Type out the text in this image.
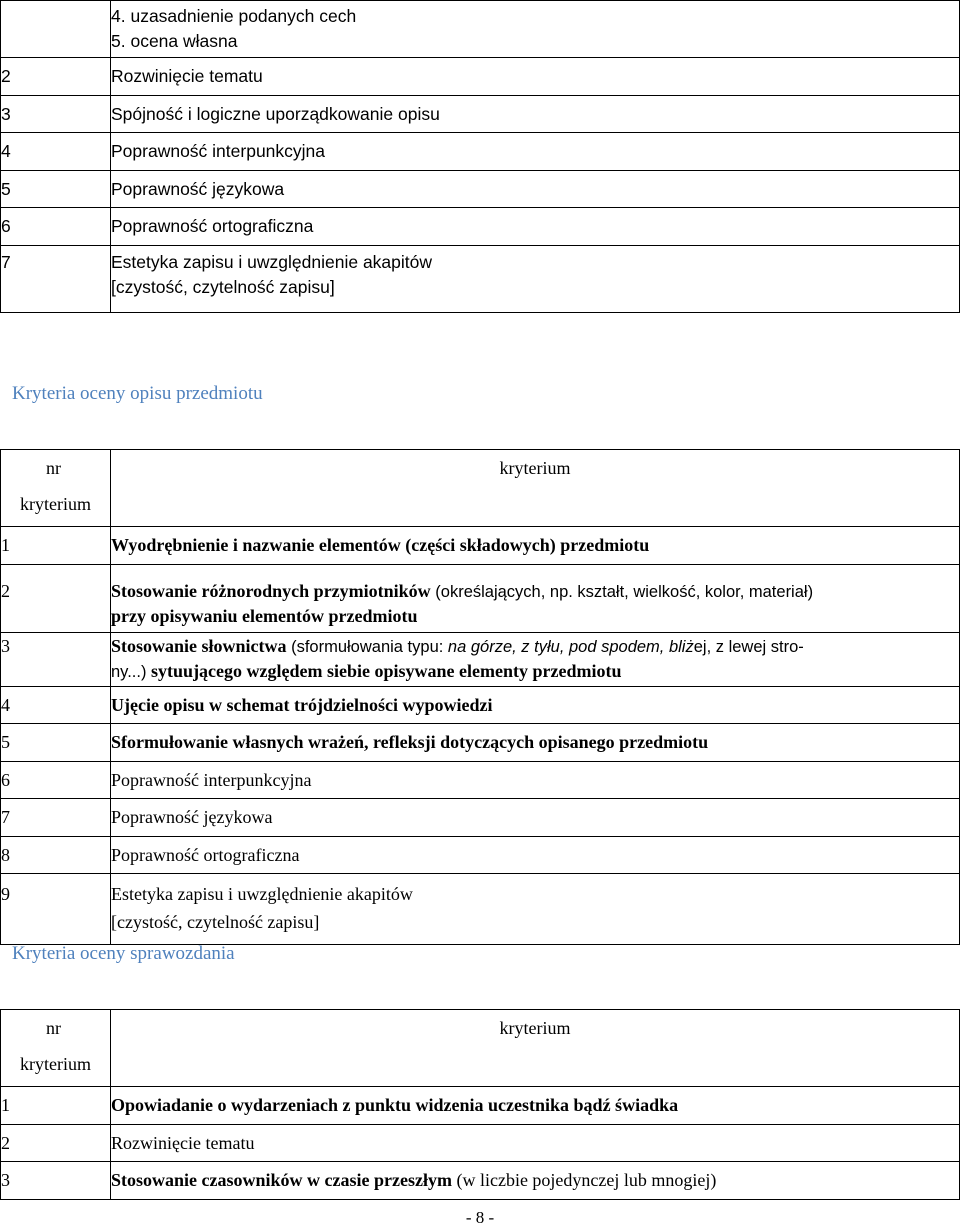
	4. uzasadnienie podanych cech
5. ocena własna

2	Rozwinięcie tematu

3	Spójność i logiczne uporządkowanie opisu

4	Poprawność interpunkcyjna

5	Poprawność językowa

6	Poprawność ortograficzna

7	Estetyka zapisu i uwzględnienie akapitów
[czystość, czytelność zapisu]
Kryteria oceny opisu przedmiotu
nr
kryterium	kryterium

1	Wyodrębnienie i nazwanie elementów (części składowych) przedmiotu

2	Stosowanie różnorodnych przymiotników (określających, np. kształt, wielkość, kolor, materiał)
przy opisywaniu elementów przedmiotu

3	Stosowanie słownictwa (sformułowania typu: na górze, z tyłu, pod spodem, bliżej, z lewej stro-
ny...) sytuującego względem siebie opisywane elementy przedmiotu

4	Ujęcie opisu w schemat trójdzielności wypowiedzi

5	Sformułowanie własnych wrażeń, refleksji dotyczących opisanego przedmiotu

6	Poprawność interpunkcyjna

7	Poprawność językowa

8	Poprawność ortograficzna

9	Estetyka zapisu i uwzględnienie akapitów
[czystość, czytelność zapisu]
Kryteria oceny sprawozdania
nr
kryterium	kryterium

1	Opowiadanie o wydarzeniach z punktu widzenia uczestnika bądź świadka

2	Rozwinięcie tematu

3	Stosowanie czasowników w czasie przeszłym (w liczbie pojedynczej lub mnogiej)
- 8 -
